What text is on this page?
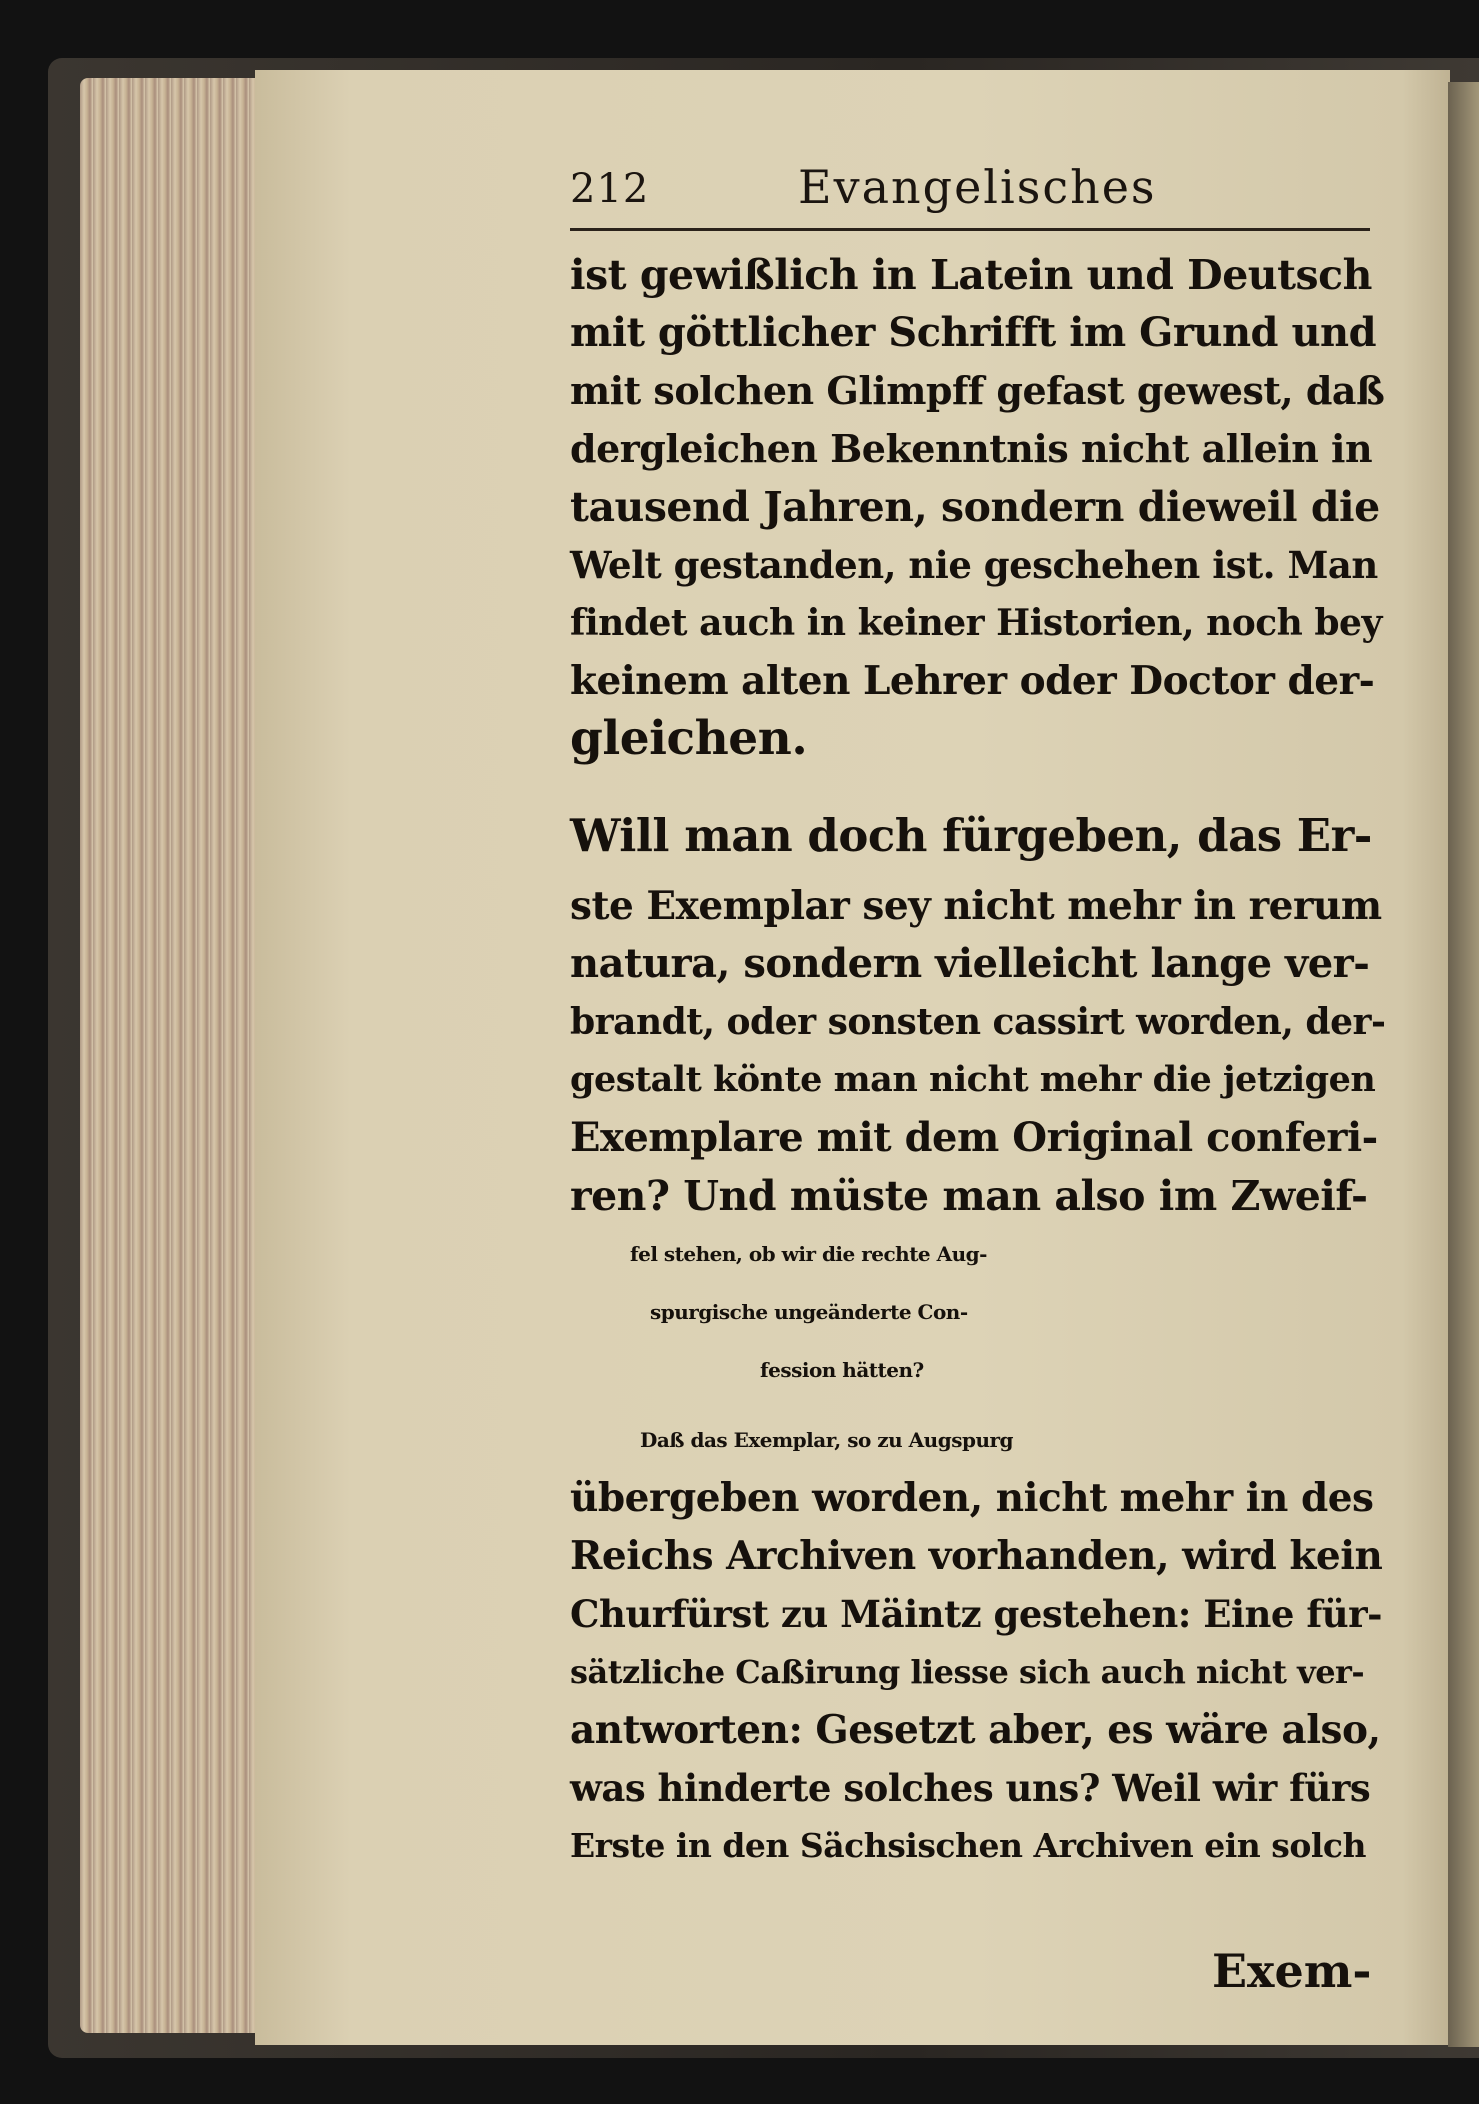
212	Evangelisches

ist gewißlich in Latein und Deutsch

mit göttlicher Schrifft im Grund und

mit solchen Glimpff gefast gewest, daß

dergleichen Bekenntnis nicht allein in

tausend Jahren, sondern dieweil die

Welt gestanden, nie geschehen ist. Man

findet auch in keiner Historien, noch bey

keinem alten Lehrer oder Doctor der-

gleichen.

Will man doch fürgeben, das Er-

ste Exemplar sey nicht mehr in rerum

natura, sondern vielleicht lange ver-

brandt, oder sonsten cassirt worden, der-

gestalt könte man nicht mehr die jetzigen

Exemplare mit dem Original conferi-

ren? Und müste man also im Zweif-

fel stehen, ob wir die rechte Aug-

spurgische ungeänderte Con-

fession hätten?

Daß das Exemplar, so zu Augspurg

übergeben worden, nicht mehr in des

Reichs Archiven vorhanden, wird kein

Churfürst zu Mäintz gestehen: Eine für-

sätzliche Caßirung liesse sich auch nicht ver-

antworten: Gesetzt aber, es wäre also,

was hinderte solches uns? Weil wir fürs

Erste in den Sächsischen Archiven ein solch

Exem-
